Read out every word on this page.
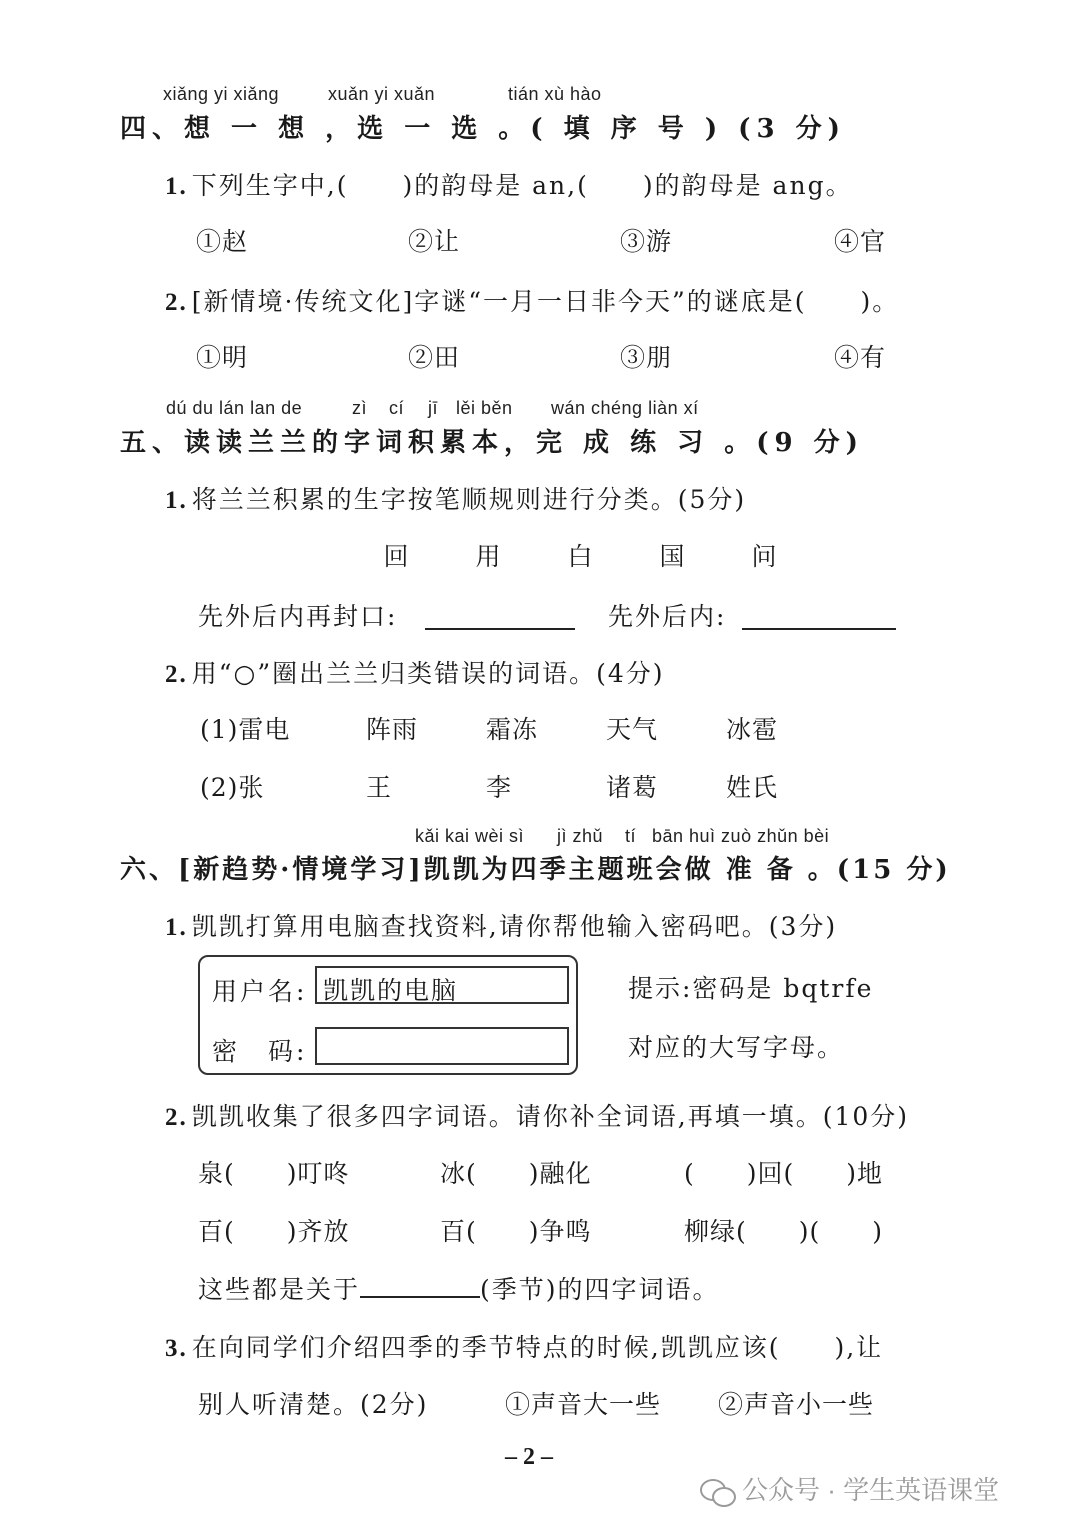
xiǎng yi xiǎng	xuǎn yi xuǎn	tián xù hào
四、想 一 想 ，选 一 选 。( 填 序 号 ) (3 分)
1. 下列生字中,(　　)的韵母是 an,(　　)的韵母是 ang。
①赵	②让	③游	④官
2. [新情境·传统文化]字谜“一月一日非今天”的谜底是(　　)。
①明	②田	③朋	④有
dú du lán lan de	zì cí jī lěi běn wán chéng liàn xí
五、读读兰兰的字词积累本，完 成 练 习 。(9 分)
1. 将兰兰积累的生字按笔顺规则进行分类。(5分)
回	用	白	国	问
先外后内再封口:	先外后内:
2. 用“○”圈出兰兰归类错误的词语。(4分)
(1)雷电	阵雨	霜冻	天气	冰雹
(2)张	王	李	诸葛	姓氏
kǎi kai wèi sì jì zhǔ tí bān huì zuò zhǔn bèi
六、[新趋势·情境学习]凯凯为四季主题班会做 准 备 。(15 分)
1. 凯凯打算用电脑查找资料,请你帮他输入密码吧。(3分)
用户名: 凯凯的电脑
密　码:
提示:密码是 bqtrfe
对应的大写字母。
2. 凯凯收集了很多四字词语。请你补全词语,再填一填。(10分)
泉(　　)叮咚	冰(　　)融化	(　　)回(　　)地
百(　　)齐放	百(　　)争鸣	柳绿(　　)(　　)
这些都是关于	(季节)的四字词语。
3. 在向同学们介绍四季的季节特点的时候,凯凯应该(　　),让
别人听清楚。(2分)	①声音大一些 ②声音小一些
– 2 –
公众号 · 学生英语课堂
